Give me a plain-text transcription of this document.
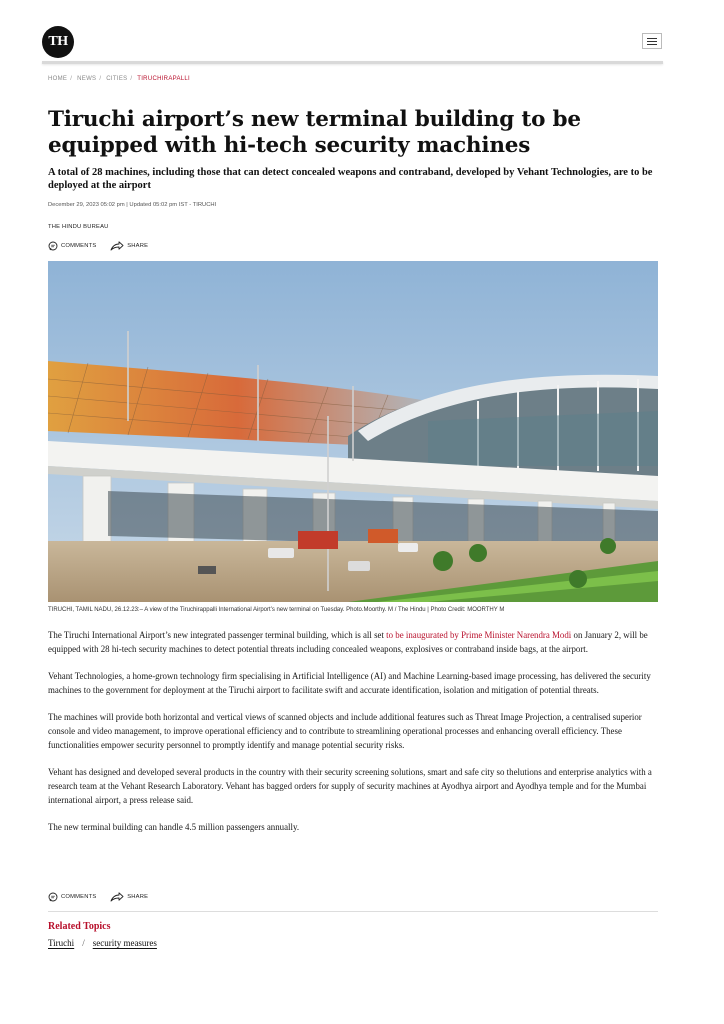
TH
HOME / NEWS / CITIES / TIRUCHIRAPALLI
Tiruchi airport’s new terminal building to be equipped with hi-tech security machines
A total of 28 machines, including those that can detect concealed weapons and contraband, developed by Vehant Technologies, are to be deployed at the airport
December 29, 2023 05:02 pm | Updated 05:02 pm IST - TIRUCHI
THE HINDU BUREAU
COMMENTS
	SHARE
TIRUCHI, TAMIL NADU, 26.12.23:– A view of the Tiruchirappalli International Airport’s new terminal on Tuesday. Photo.Moorthy. M / The Hindu | Photo Credit: MOORTHY M

The Tiruchi International Airport’s new integrated passenger terminal building, which is all set to be inaugurated by Prime Minister Narendra Modi on January 2, will be equipped with 28 hi-tech security machines to detect potential threats including concealed weapons, explosives or contraband inside bags, at the airport.

Vehant Technologies, a home-grown technology firm specialising in Artificial Intelligence (AI) and Machine Learning-based image processing, has delivered the security machines to the government for deployment at the Tiruchi airport to facilitate swift and accurate identification, isolation and mitigation of potential threats.

The machines will provide both horizontal and vertical views of scanned objects and include additional features such as Threat Image Projection, a centralised superior console and video management, to improve operational efficiency and to contribute to streamlining operational processes and enhancing overall efficiency. These functionalities empower security personnel to promptly identify and manage potential security risks.

Vehant has designed and developed several products in the country with their security screening solutions, smart and safe city so thelutions and enterprise analytics with a research team at the Vehant Research Laboratory. Vehant has bagged orders for supply of security machines at Ayodhya airport and Ayodhya temple and for the Mumbai international airport, a press release said.

The new terminal building can handle 4.5 million passengers annually.

COMMENTS
	SHARE
Related Topics
Tiruchi / security measures
